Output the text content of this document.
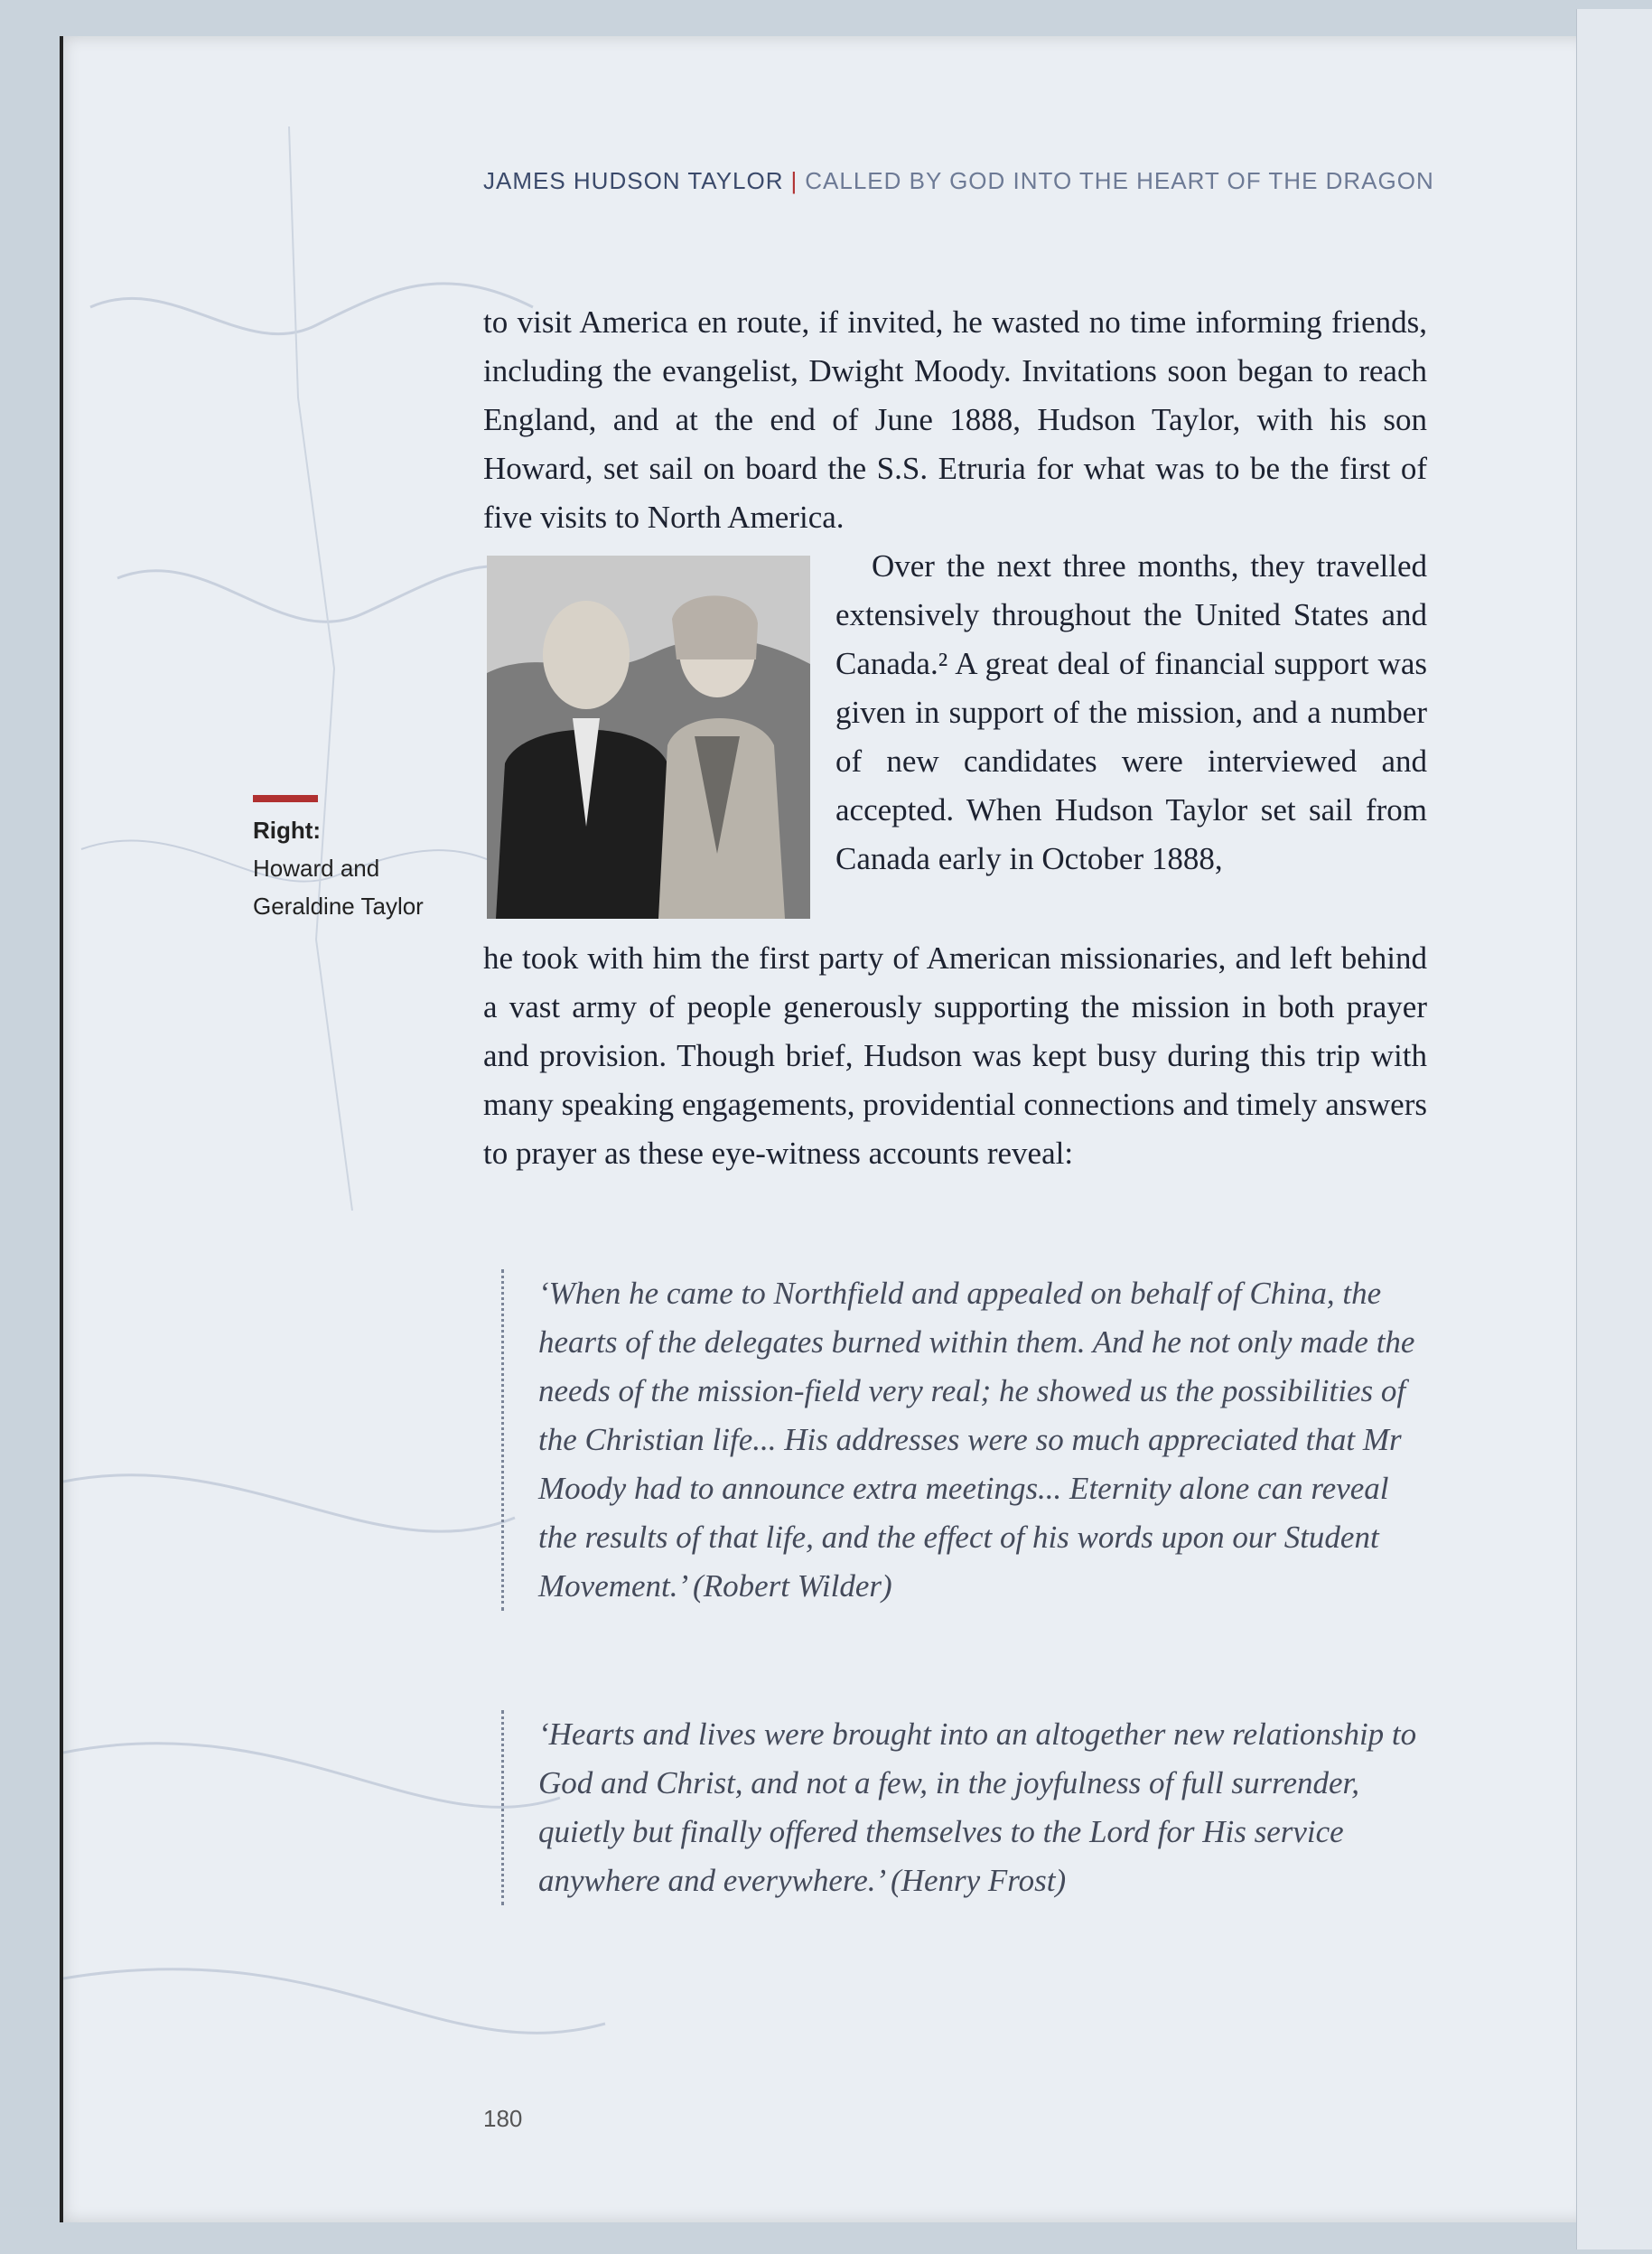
JAMES HUDSON TAYLOR | CALLED BY GOD INTO THE HEART OF THE DRAGON
to visit America en route, if invited, he wasted no time informing friends, including the evangelist, Dwight Moody. Invitations soon began to reach England, and at the end of June 1888, Hudson Taylor, with his son Howard, set sail on board the S.S. Etruria for what was to be the first of five visits to North America.
Over the next three months, they travelled extensively throughout the United States and Canada.² A great deal of financial support was given in support of the mission, and a number of new candidates were interviewed and accepted. When Hudson Taylor set sail from Canada early in October 1888,
he took with him the first party of American missionaries, and left behind a vast army of people generously supporting the mission in both prayer and provision. Though brief, Hudson was kept busy during this trip with many speaking engagements, providential connections and timely answers to prayer as these eye-witness accounts reveal:
Right:
Howard and Geraldine Taylor
‘When he came to Northfield and appealed on behalf of China, the hearts of the delegates burned within them. And he not only made the needs of the mission-field very real; he showed us the possibilities of the Christian life... His addresses were so much appreciated that Mr Moody had to announce extra meetings... Eternity alone can reveal the results of that life, and the effect of his words upon our Student Movement.’ (Robert Wilder)
‘Hearts and lives were brought into an altogether new relationship to God and Christ, and not a few, in the joyfulness of full surrender, quietly but finally offered themselves to the Lord for His service anywhere and everywhere.’ (Henry Frost)
180
